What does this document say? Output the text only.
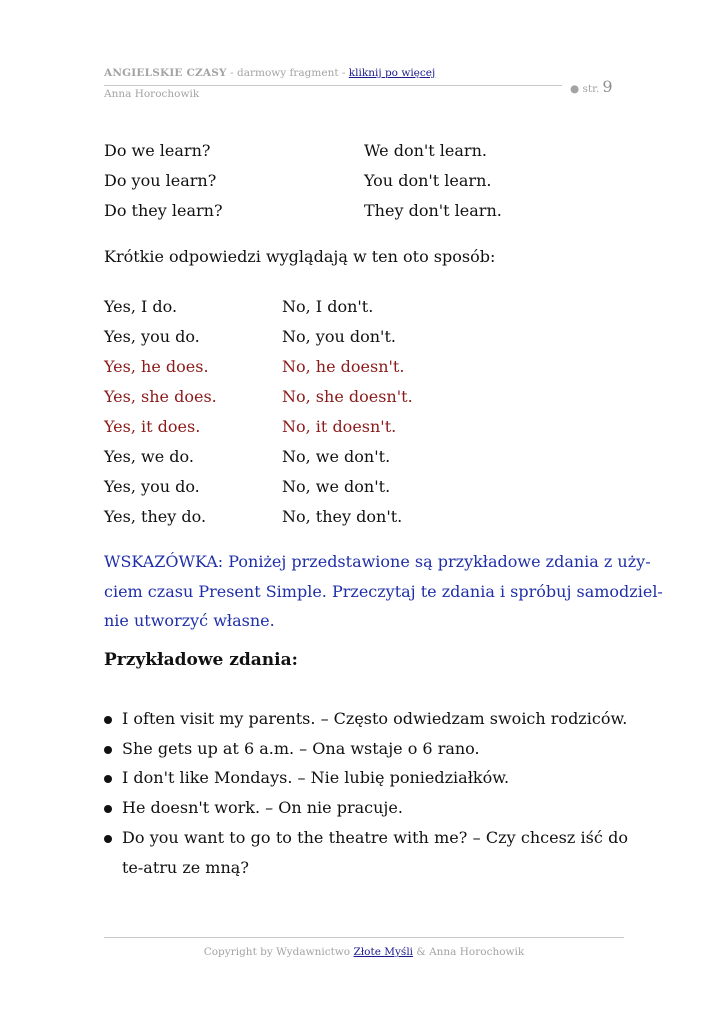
ANGIELSKIE CZASY - darmowy fragment - kliknij po więcej
Anna Horochowik	● str. 9
Do we learn?	We don't learn.
Do you learn?	You don't learn.
Do they learn?	They don't learn.
Krótkie odpowiedzi wyglądają w ten oto sposób:
Yes, I do.	No, I don't.
Yes, you do.	No, you don't.
Yes, he does.	No, he doesn't.
Yes, she does.	No, she doesn't.
Yes, it does.	No, it doesn't.
Yes, we do.	No, we don't.
Yes, you do.	No, we don't.
Yes, they do.	No, they don't.
WSKAZÓWKA: Poniżej przedstawione są przykładowe zdania z uży-
ciem czasu Present Simple. Przeczytaj te zdania i spróbuj samodziel-
nie utworzyć własne.
Przykładowe zdania:
I often visit my parents. – Często odwiedzam swoich rodziców.
She gets up at 6 a.m. – Ona wstaje o 6 rano.
I don't like Mondays. – Nie lubię poniedziałków.
He doesn't work. – On nie pracuje.
Do you want to go to the theatre with me? – Czy chcesz iść do te-atru ze mną?
Copyright by Wydawnictwo Złote Myśli & Anna Horochowik
